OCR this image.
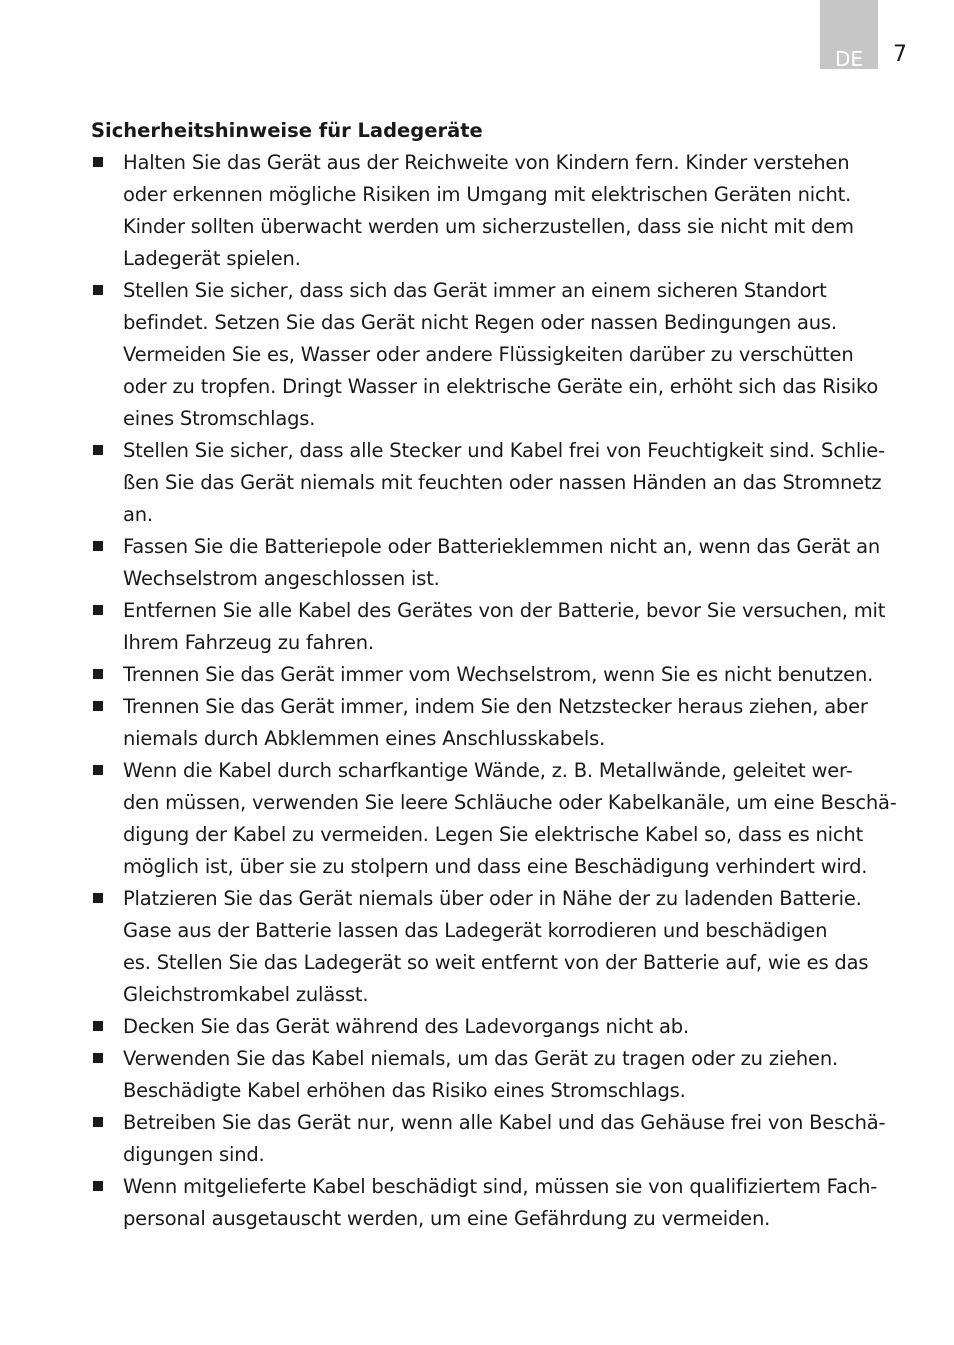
DE	7
Sicherheitshinweise für Ladegeräte
Halten Sie das Gerät aus der Reichweite von Kindern fern. Kinder verstehen
oder erkennen mögliche Risiken im Umgang mit elektrischen Geräten nicht.
Kinder sollten überwacht werden um sicherzustellen, dass sie nicht mit dem
Ladegerät spielen.
Stellen Sie sicher, dass sich das Gerät immer an einem sicheren Standort
befindet. Setzen Sie das Gerät nicht Regen oder nassen Bedingungen aus.
Vermeiden Sie es, Wasser oder andere Flüssigkeiten darüber zu verschütten
oder zu tropfen. Dringt Wasser in elektrische Geräte ein, erhöht sich das Risiko
eines Stromschlags.
Stellen Sie sicher, dass alle Stecker und Kabel frei von Feuchtigkeit sind. Schlie-
ßen Sie das Gerät niemals mit feuchten oder nassen Händen an das Stromnetz
an.
Fassen Sie die Batteriepole oder Batterieklemmen nicht an, wenn das Gerät an
Wechselstrom angeschlossen ist.
Entfernen Sie alle Kabel des Gerätes von der Batterie, bevor Sie versuchen, mit
Ihrem Fahrzeug zu fahren.
Trennen Sie das Gerät immer vom Wechselstrom, wenn Sie es nicht benutzen.
Trennen Sie das Gerät immer, indem Sie den Netzstecker heraus ziehen, aber
niemals durch Abklemmen eines Anschlusskabels.
Wenn die Kabel durch scharfkantige Wände, z. B. Metallwände, geleitet wer-
den müssen, verwenden Sie leere Schläuche oder Kabelkanäle, um eine Beschä-
digung der Kabel zu vermeiden. Legen Sie elektrische Kabel so, dass es nicht
möglich ist, über sie zu stolpern und dass eine Beschädigung verhindert wird.
Platzieren Sie das Gerät niemals über oder in Nähe der zu ladenden Batterie.
Gase aus der Batterie lassen das Ladegerät korrodieren und beschädigen
es. Stellen Sie das Ladegerät so weit entfernt von der Batterie auf, wie es das
Gleichstromkabel zulässt.
Decken Sie das Gerät während des Ladevorgangs nicht ab.
Verwenden Sie das Kabel niemals, um das Gerät zu tragen oder zu ziehen.
Beschädigte Kabel erhöhen das Risiko eines Stromschlags.
Betreiben Sie das Gerät nur, wenn alle Kabel und das Gehäuse frei von Beschä-
digungen sind.
Wenn mitgelieferte Kabel beschädigt sind, müssen sie von qualifiziertem Fach-
personal ausgetauscht werden, um eine Gefährdung zu vermeiden.
